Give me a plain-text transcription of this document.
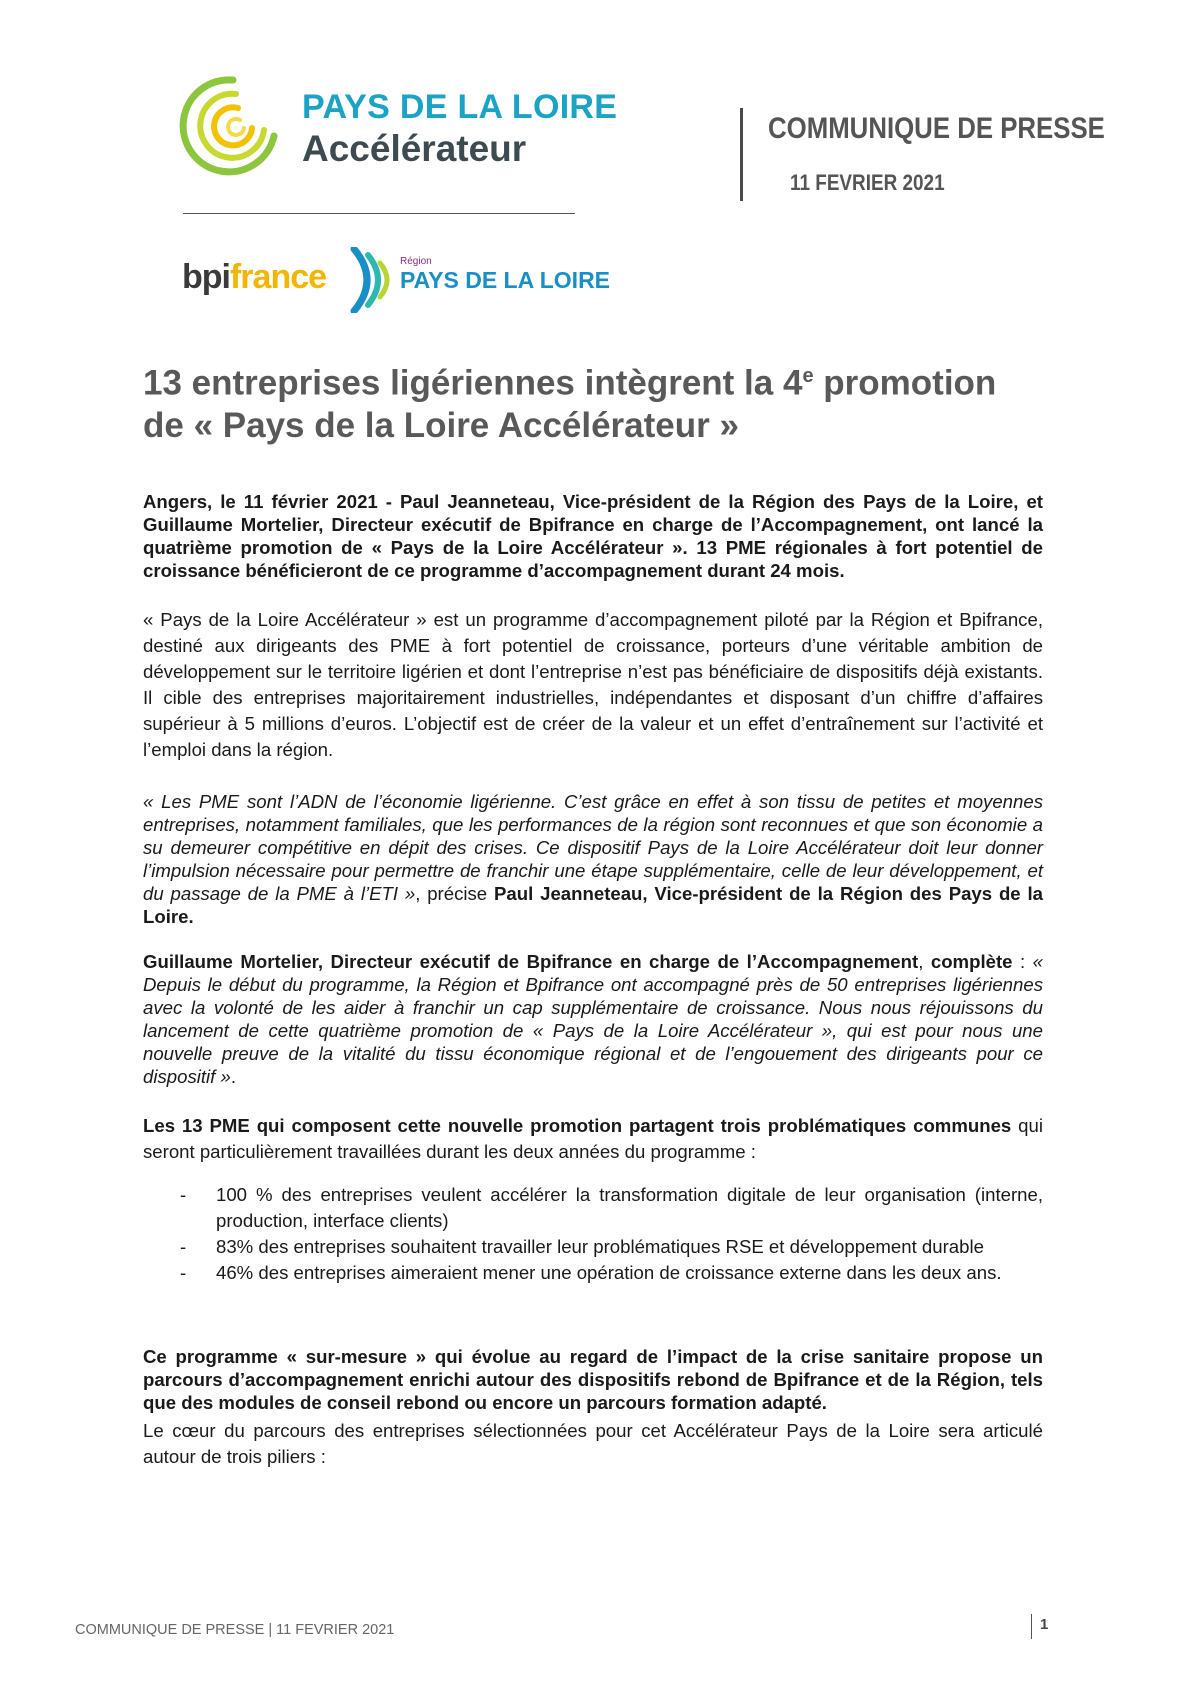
PAYS DE LA LOIRE
Accélérateur
bpifrance	Région
PAYS DE LA LOIRE
COMMUNIQUE DE PRESSE
11 FEVRIER 2021
13 entreprises ligériennes intègrent la 4e promotion de « Pays de la Loire Accélérateur »
Angers, le 11 février 2021 - Paul Jeanneteau, Vice-président de la Région des Pays de la Loire, et Guillaume Mortelier, Directeur exécutif de Bpifrance en charge de l’Accompagnement, ont lancé la quatrième promotion de « Pays de la Loire Accélérateur ». 13 PME régionales à fort potentiel de croissance bénéficieront de ce programme d’accompagnement durant 24 mois.
« Pays de la Loire Accélérateur » est un programme d’accompagnement piloté par la Région et Bpifrance, destiné aux dirigeants des PME à fort potentiel de croissance, porteurs d’une véritable ambition de développement sur le territoire ligérien et dont l’entreprise n’est pas bénéficiaire de dispositifs déjà existants. Il cible des entreprises majoritairement industrielles, indépendantes et disposant d’un chiffre d’affaires supérieur à 5 millions d’euros. L’objectif est de créer de la valeur et un effet d’entraînement sur l’activité et l’emploi dans la région.
« Les PME sont l’ADN de l’économie ligérienne. C’est grâce en effet à son tissu de petites et moyennes entreprises, notamment familiales, que les performances de la région sont reconnues et que son économie a su demeurer compétitive en dépit des crises. Ce dispositif Pays de la Loire Accélérateur doit leur donner l’impulsion nécessaire pour permettre de franchir une étape supplémentaire, celle de leur développement, et du passage de la PME à l’ETI », précise Paul Jeanneteau, Vice-président de la Région des Pays de la Loire.
Guillaume Mortelier, Directeur exécutif de Bpifrance en charge de l’Accompagnement, complète : « Depuis le début du programme, la Région et Bpifrance ont accompagné près de 50 entreprises ligériennes avec la volonté de les aider à franchir un cap supplémentaire de croissance. Nous nous réjouissons du lancement de cette quatrième promotion de « Pays de la Loire Accélérateur », qui est pour nous une nouvelle preuve de la vitalité du tissu économique régional et de l’engouement des dirigeants pour ce dispositif ».
Les 13 PME qui composent cette nouvelle promotion partagent trois problématiques communes qui seront particulièrement travaillées durant les deux années du programme :
-	100 % des entreprises veulent accélérer la transformation digitale de leur organisation (interne, production, interface clients)
-	83% des entreprises souhaitent travailler leur problématiques RSE et développement durable
-	46% des entreprises aimeraient mener une opération de croissance externe dans les deux ans.
Ce programme « sur-mesure » qui évolue au regard de l’impact de la crise sanitaire propose un parcours d’accompagnement enrichi autour des dispositifs rebond de Bpifrance et de la Région, tels que des modules de conseil rebond ou encore un parcours formation adapté.
Le cœur du parcours des entreprises sélectionnées pour cet Accélérateur Pays de la Loire sera articulé autour de trois piliers :
COMMUNIQUE DE PRESSE | 11 FEVRIER 2021	1
